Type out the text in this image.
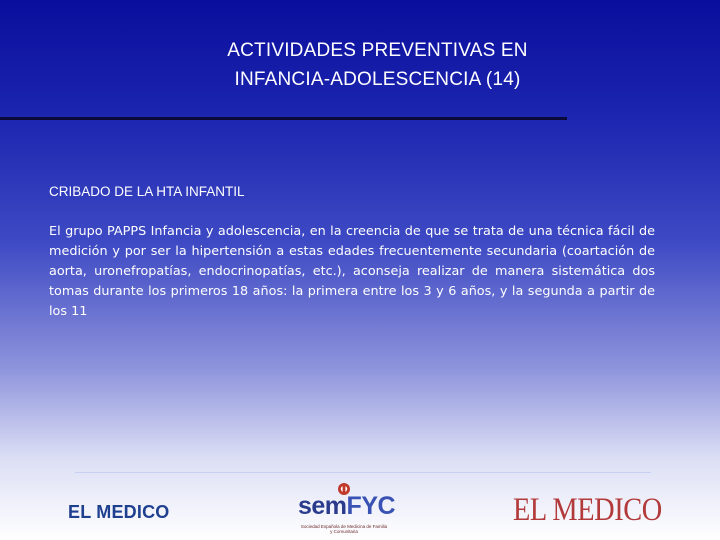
ACTIVIDADES PREVENTIVAS EN
INFANCIA-ADOLESCENCIA (14)
CRIBADO DE LA HTA INFANTIL
El grupo PAPPS Infancia y adolescencia, en la creencia de que se trata de una técnica fácil de medición y por ser la hipertensión a estas edades frecuentemente secundaria (coartación de aorta, uronefropatías, endocrinopatías, etc.), aconseja realizar de manera sistemática dos tomas durante los primeros 18 años: la primera entre los 3 y 6 años, y la segunda a partir de los 11
EL MEDICO	semFYC
Sociedad Española de Medicina de Familia y Comunitaria
EL MEDICO
